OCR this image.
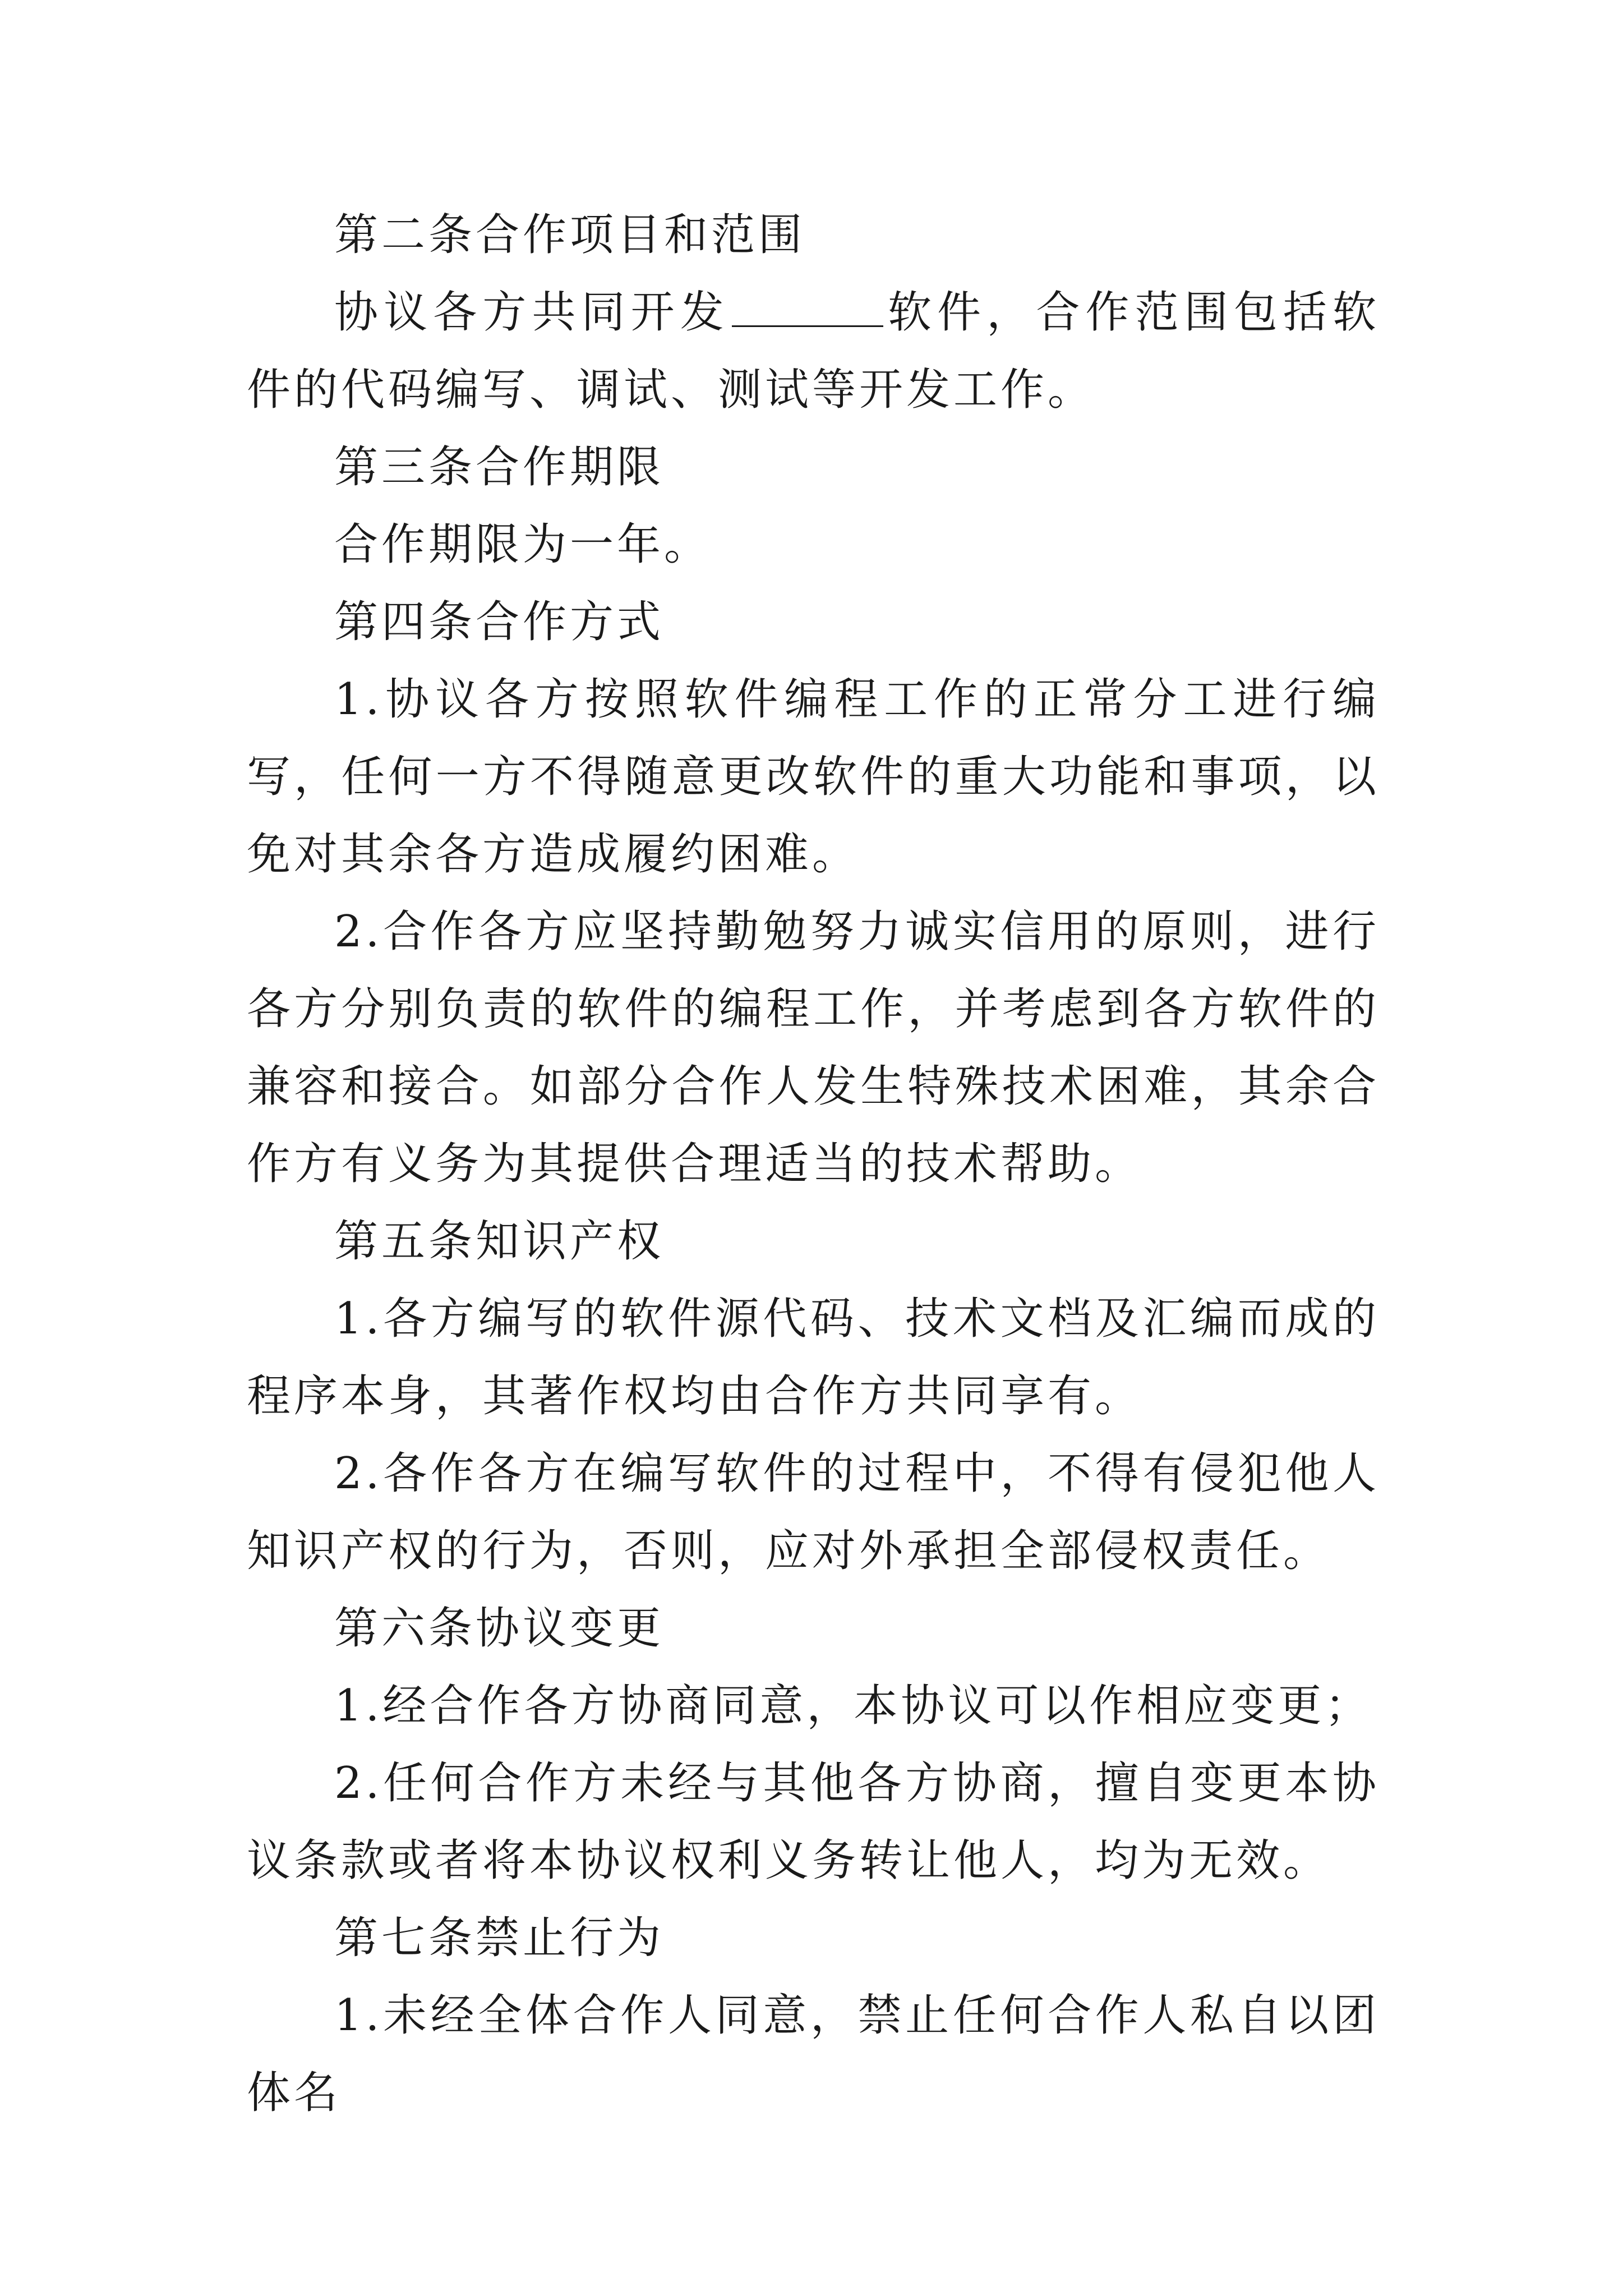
第二条合作项目和范围

协议各方共同开发	软件，合作范围包括软件的代码编写、调试、测试等开发工作。

第三条合作期限

合作期限为一年。

第四条合作方式

1.协议各方按照软件编程工作的正常分工进行编写，任何一方不得随意更改软件的重大功能和事项，以免对其余各方造成履约困难。

2.合作各方应坚持勤勉努力诚实信用的原则，进行各方分别负责的软件的编程工作，并考虑到各方软件的兼容和接合。如部分合作人发生特殊技术困难，其余合作方有义务为其提供合理适当的技术帮助。

第五条知识产权

1.各方编写的软件源代码、技术文档及汇编而成的程序本身，其著作权均由合作方共同享有。

2.各作各方在编写软件的过程中，不得有侵犯他人知识产权的行为，否则，应对外承担全部侵权责任。

第六条协议变更

1.经合作各方协商同意，本协议可以作相应变更；

2.任何合作方未经与其他各方协商，擅自变更本协议条款或者将本协议权利义务转让他人，均为无效。

第七条禁止行为

1.未经全体合作人同意，禁止任何合作人私自以团体名
